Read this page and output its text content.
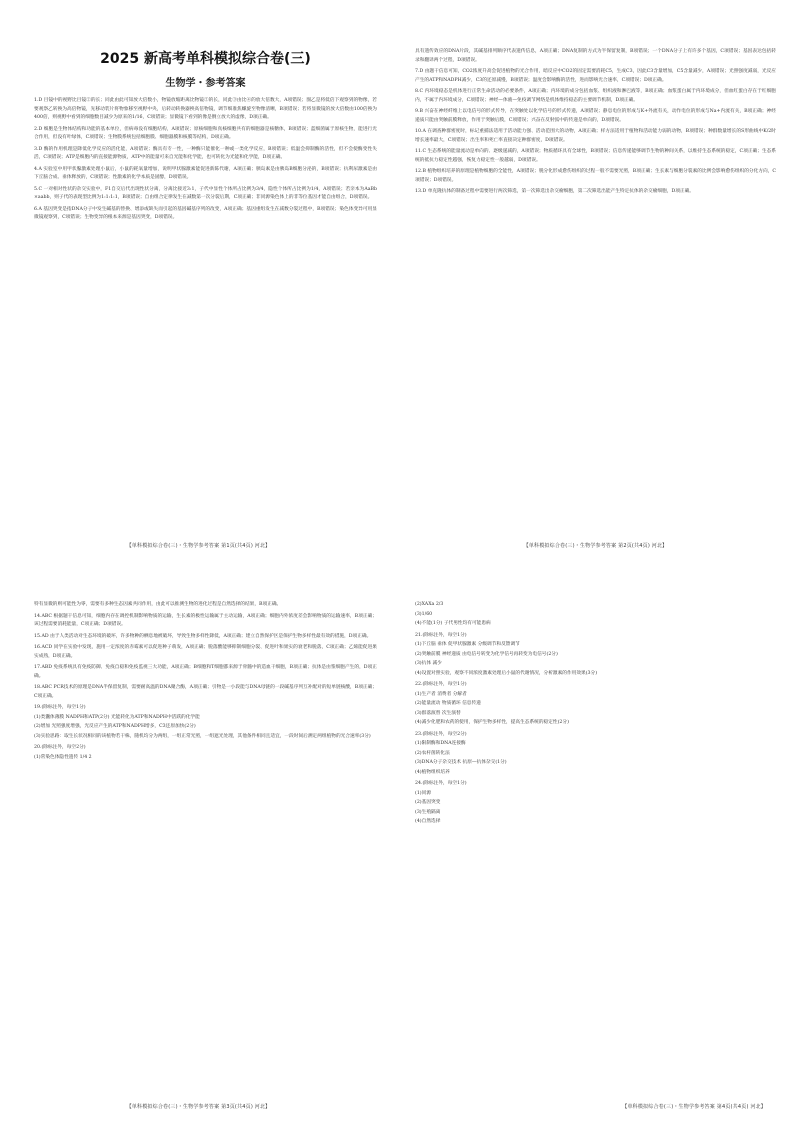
2025 新高考单科模拟综合卷(三)
生物学・参考答案
1.D 目镜中的视野比目镜②的长；同此由此可知放大倍数小，物镜放缩距离比物镜②的长，同此③由比④的放大倍数大，A项错误；图乙是将低倍下观察到的物像，若要观察乙转换为高倍物镜，先移动装片将物象移至视野中央，后转动转换器换高倍物镜，调节细准焦螺旋至物像清晰，B项错误；若将显微镜的放大倍数由100倍换为400倍，则视野中看到的细胞数目减少为原来的1/16，C项错误；显微镜下看到的像是倒立放大的虚像，D项正确。
2.D 细胞是生物体结构和功能的基本单位，但病毒没有细胞结构，A项错误；原核细胞和真核细胞共有的细胞器是核糖体，B项错误；蓝细菌属于原核生物，能进行光合作用，但没有叶绿体，C项错误；生物膜系统包括细胞膜、细胞器膜和核膜等结构，D项正确。
3.D 酶的作用机理是降低化学反应的活化能，A项错误；酶具有专一性，一种酶只能催化一种或一类化学反应，B项错误；低温会抑制酶的活性，但不会使酶变性失活，C项错误；ATP是细胞内的直接能源物质，ATP中的能量可来自光能和化学能，也可转化为光能和化学能，D项正确。
4.A 实验室中用甲状腺激素处理小鼠后，小鼠的耗氧量增加，说明甲状腺激素能促进新陈代谢，A项正确；胰岛素是由胰岛B细胞分泌的，B项错误；抗利尿激素是由下丘脑合成、垂体释放的，C项错误；性激素的化学本质是固醇，D项错误。
5.C 一对相对性状的杂交实验中，F1自交后代出现性状分离，分离比接近3:1，子代中显性个体所占比例为3/4，隐性个体所占比例为1/4，A项错误；若亲本为AaBb×aabb，则子代的表现型比例为1:1:1:1，B项错误；自由组合定律发生在减数第一次分裂后期，C项正确；非同源染色体上的非等位基因才能自由组合，D项错误。
6.A 基因突变是指DNA分子中发生碱基的替换、增添或缺失而引起的基因碱基序列的改变，A项正确；基因重组发生在减数分裂过程中，B项错误；染色体变异可用显微镜观察到，C项错误；生物变异的根本来源是基因突变，D项错误。
【单科模拟综合卷(三)・生物学参考答案 第1页(共4页) 河北】
具有遗传效应的DNA片段，其碱基排列顺序代表遗传信息，A项正确；DNA复制的方式为半保留复制，B项错误；一个DNA分子上有许多个基因，C项错误；基因表达包括转录和翻译两个过程，D项错误。
7.D 由题干信息可知，CO2浓度升高会促进植物的光合作用，暗反应中CO2的固定需要消耗C5，生成C3，因此C3含量增加，C5含量减少，A项错误；光照强度减弱，光反应产生的ATP和NADPH减少，C3的还原减慢，B项错误；温度会影响酶的活性，进而影响光合速率，C项错误；D项正确。
8.C 内环境稳态是机体进行正常生命活动的必要条件，A项正确；内环境的成分包括血浆、组织液和淋巴液等，B项正确；血浆蛋白属于内环境成分，但血红蛋白存在于红细胞内，不属于内环境成分，C项错误；神经—体液—免疫调节网络是机体维持稳态的主要调节机制，D项正确。
9.B 兴奋在神经纤维上以电信号的形式传导，在突触处以化学信号的形式传递，A项错误；静息电位的形成与K+外流有关，动作电位的形成与Na+内流有关，B项正确；神经递质只能由突触前膜释放，作用于突触后膜，C项错误；兴奋在反射弧中的传递是单向的，D项错误。
10.A 在调查种群密度时，标记重捕法适用于活动能力强、活动范围大的动物，A项正确；样方法适用于植物和活动能力弱的动物，B项错误；种群数量增长的S形曲线中K/2时增长速率最大，C项错误；出生率和死亡率直接决定种群密度，D项错误。
11.C 生态系统的能量流动是单向的、逐级递减的，A项错误；物质循环具有全球性，B项错误；信息传递能够调节生物的种间关系，以维持生态系统的稳定，C项正确；生态系统的抵抗力稳定性越强，恢复力稳定性一般越弱，D项错误。
12.B 植物组织培养的原理是植物细胞的全能性，A项错误；脱分化形成愈伤组织的过程一般不需要光照，B项正确；生长素与细胞分裂素的比例会影响愈伤组织的分化方向，C项错误；D项错误。
13.D 单克隆抗体的制备过程中需要进行两次筛选，第一次筛选出杂交瘤细胞，第二次筛选出能产生特定抗体的杂交瘤细胞，D项正确。
【单科模拟综合卷(三)・生物学参考答案 第2页(共4页) 河北】
特有显微的则可能性为零，需要有多种生态因素共同作用，由此可以推测生物的进化过程是自然选择的结果，B项正确。
14.ABC 根据题干信息可知，细胞内存在调控机制影响物质的运输，生长素的极性运输属于主动运输，A项正确；细胞内外浓度差会影响物质的运输速率，B项正确；该过程需要消耗能量，C项正确；D项错误。
15.AD 由于人类活动对生态环境的破坏，许多物种的栖息地被破坏，导致生物多样性降低，A项正确；建立自然保护区是保护生物多样性最有效的措施，D项正确。
16.ACD 同学在实验中发现，施用一定浓度的赤霉素可以促进种子萌发，A项正确；脱落酸能够抑制细胞分裂、促进叶和果实的衰老和脱落，C项正确；乙烯能促进果实成熟，D项正确。
17.ABD 免疫系统具有免疫防御、免疫自稳和免疫监视三大功能，A项正确；B细胞和T细胞都来源于骨髓中的造血干细胞，B项正确；抗体是由浆细胞产生的，D项正确。
18.ABC PCR技术的原理是DNA半保留复制，需要耐高温的DNA聚合酶，A项正确；引物是一小段能与DNA母链的一段碱基序列互补配对的短单链核酸，B项正确；C项正确。
19.(除标注外，每空1分)
(1)类囊体薄膜 NADPH和ATP(2分) 光能转化为ATP和NADPH中活跃的化学能
(2)增加 光照强度增强，光反应产生的ATP和NADPH增多，C3还原加快(2分)
(3)实验思路：取生长状况相同的该植物若干株，随机均分为两组，一组正常光照，一组遮光处理，其他条件相同且适宜，一段时间后测定两组植物的光合速率(3分)
20.(除标注外，每空2分)
(1)常染色体隐性遗传 1/4 2
【单科模拟综合卷(三)・生物学参考答案 第3页(共4页) 河北】
(2)XAXa 2/3
(3)1/60
(4)不能(1分) 子代男性均有可能患病
21.(除标注外，每空1分)
(1)下丘脑 垂体 促甲状腺激素 分级调节和反馈调节
(2)突触前膜 神经递质 由电信号转变为化学信号再转变为电信号(2分)
(3)抗体 减少
(4)设置对照实验，观察不同浓度激素处理后小鼠的代谢情况，分析激素的作用效果(3分)
22.(除标注外，每空1分)
(1)生产者 消费者 分解者
(2)能量流动 物质循环 信息传递
(3)群落演替 次生演替
(4)减少化肥和农药的使用，保护生物多样性，提高生态系统的稳定性(2分)
23.(除标注外，每空2分)
(1)限制酶和DNA连接酶
(2)农杆菌转化法
(3)DNA分子杂交技术 抗原—抗体杂交(1分)
(4)植物组织培养
24.(除标注外，每空1分)
(1)同源
(2)基因突变
(3)生殖隔离
(4)自然选择
【单科模拟综合卷(三)・生物学参考答案 第4页(共4页) 河北】
